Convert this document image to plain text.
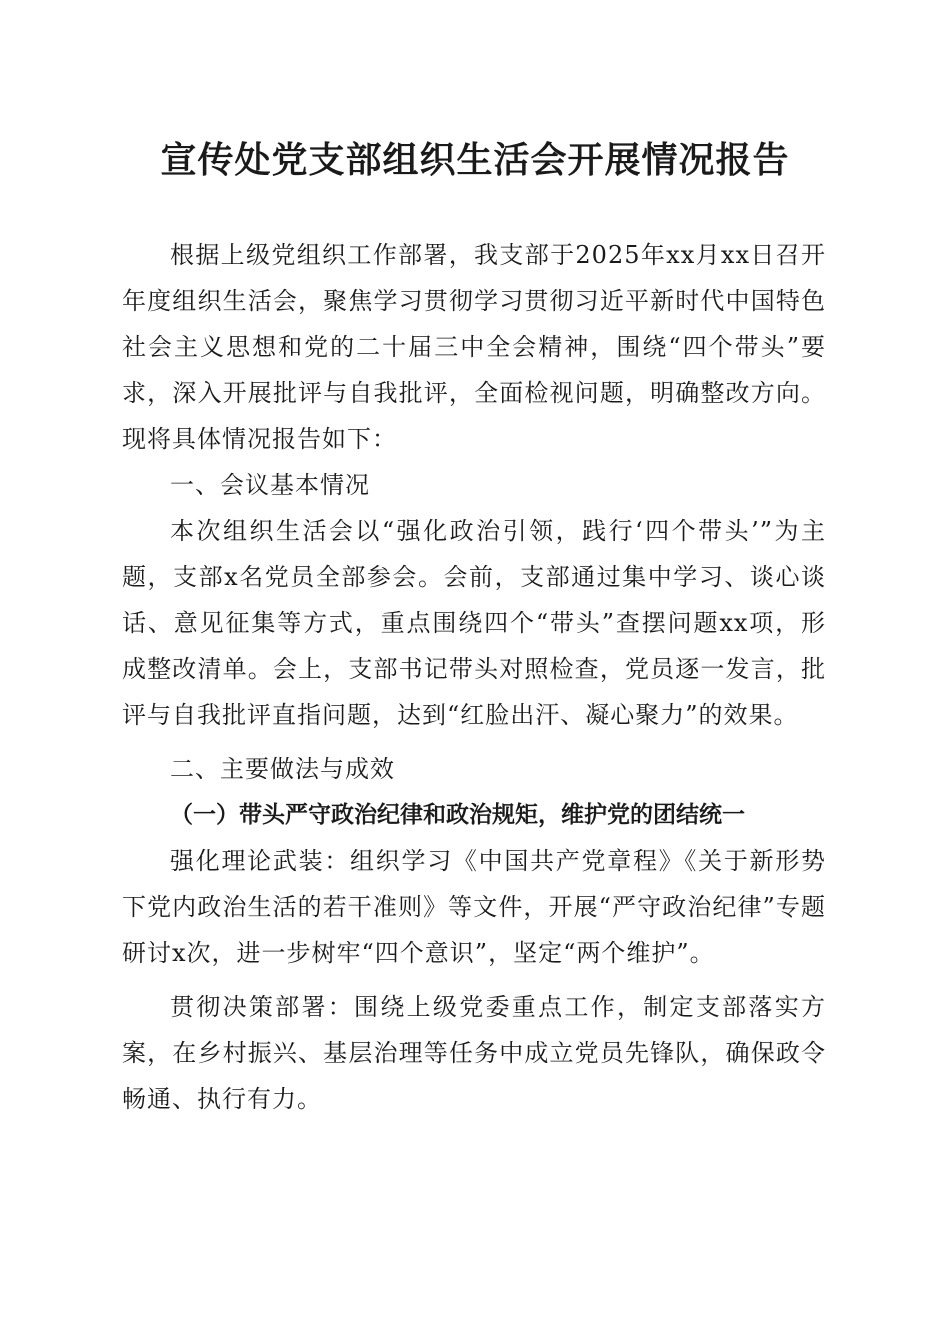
宣传处党支部组织生活会开展情况报告

根据上级党组织工作部署，我支部于2025年xx月xx日召开年度组织生活会，聚焦学习贯彻学习贯彻习近平新时代中国特色社会主义思想和党的二十届三中全会精神，围绕“四个带头”要求，深入开展批评与自我批评，全面检视问题，明确整改方向。现将具体情况报告如下：

一、会议基本情况

本次组织生活会以“强化政治引领，践行‘四个带头’”为主题，支部x名党员全部参会。会前，支部通过集中学习、谈心谈话、意见征集等方式，重点围绕四个“带头”查摆问题xx项，形成整改清单。会上，支部书记带头对照检查，党员逐一发言，批评与自我批评直指问题，达到“红脸出汗、凝心聚力”的效果。

二、主要做法与成效

（一）带头严守政治纪律和政治规矩，维护党的团结统一

强化理论武装：组织学习《中国共产党章程》《关于新形势下党内政治生活的若干准则》等文件，开展“严守政治纪律”专题研讨x次，进一步树牢“四个意识”，坚定“两个维护”。

贯彻决策部署：围绕上级党委重点工作，制定支部落实方案，在乡村振兴、基层治理等任务中成立党员先锋队，确保政令畅通、执行有力。
